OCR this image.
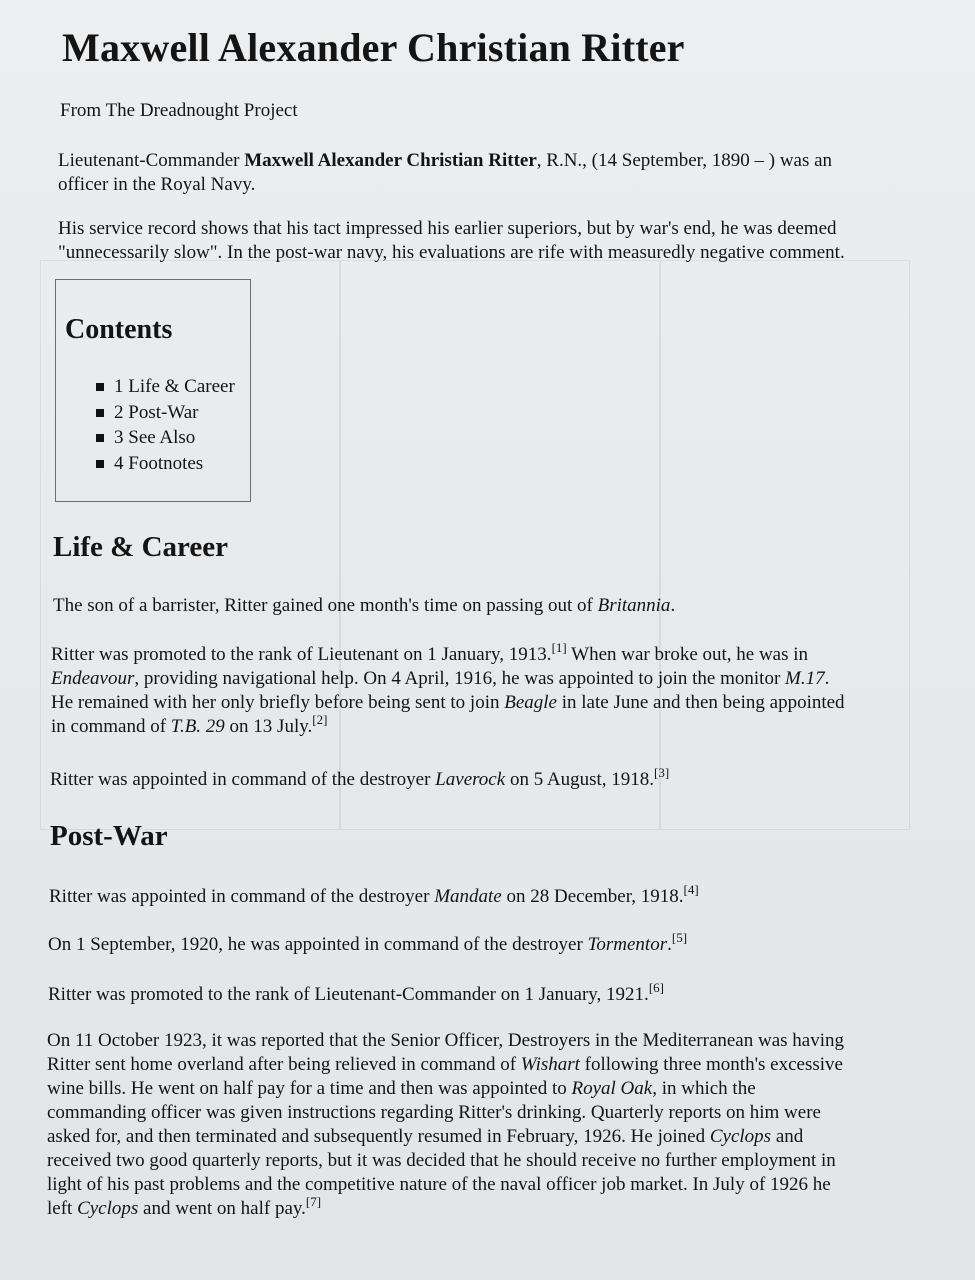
Maxwell Alexander Christian Ritter

From The Dreadnought Project

Lieutenant-Commander Maxwell Alexander Christian Ritter, R.N., (14 September, 1890 – ) was an
officer in the Royal Navy.

His service record shows that his tact impressed his earlier superiors, but by war's end, he was deemed
"unnecessarily slow". In the post-war navy, his evaluations are rife with measuredly negative comment.

Contents
1 Life & Career
2 Post-War
3 See Also
4 Footnotes
Life & Career

The son of a barrister, Ritter gained one month's time on passing out of Britannia.

Ritter was promoted to the rank of Lieutenant on 1 January, 1913.[1] When war broke out, he was in
Endeavour, providing navigational help. On 4 April, 1916, he was appointed to join the monitor M.17.
He remained with her only briefly before being sent to join Beagle in late June and then being appointed
in command of T.B. 29 on 13 July.[2]

Ritter was appointed in command of the destroyer Laverock on 5 August, 1918.[3]

Post-War

Ritter was appointed in command of the destroyer Mandate on 28 December, 1918.[4]

On 1 September, 1920, he was appointed in command of the destroyer Tormentor.[5]

Ritter was promoted to the rank of Lieutenant-Commander on 1 January, 1921.[6]

On 11 October 1923, it was reported that the Senior Officer, Destroyers in the Mediterranean was having
Ritter sent home overland after being relieved in command of Wishart following three month's excessive
wine bills. He went on half pay for a time and then was appointed to Royal Oak, in which the
commanding officer was given instructions regarding Ritter's drinking. Quarterly reports on him were
asked for, and then terminated and subsequently resumed in February, 1926. He joined Cyclops and
received two good quarterly reports, but it was decided that he should receive no further employment in
light of his past problems and the competitive nature of the naval officer job market. In July of 1926 he
left Cyclops and went on half pay.[7]
